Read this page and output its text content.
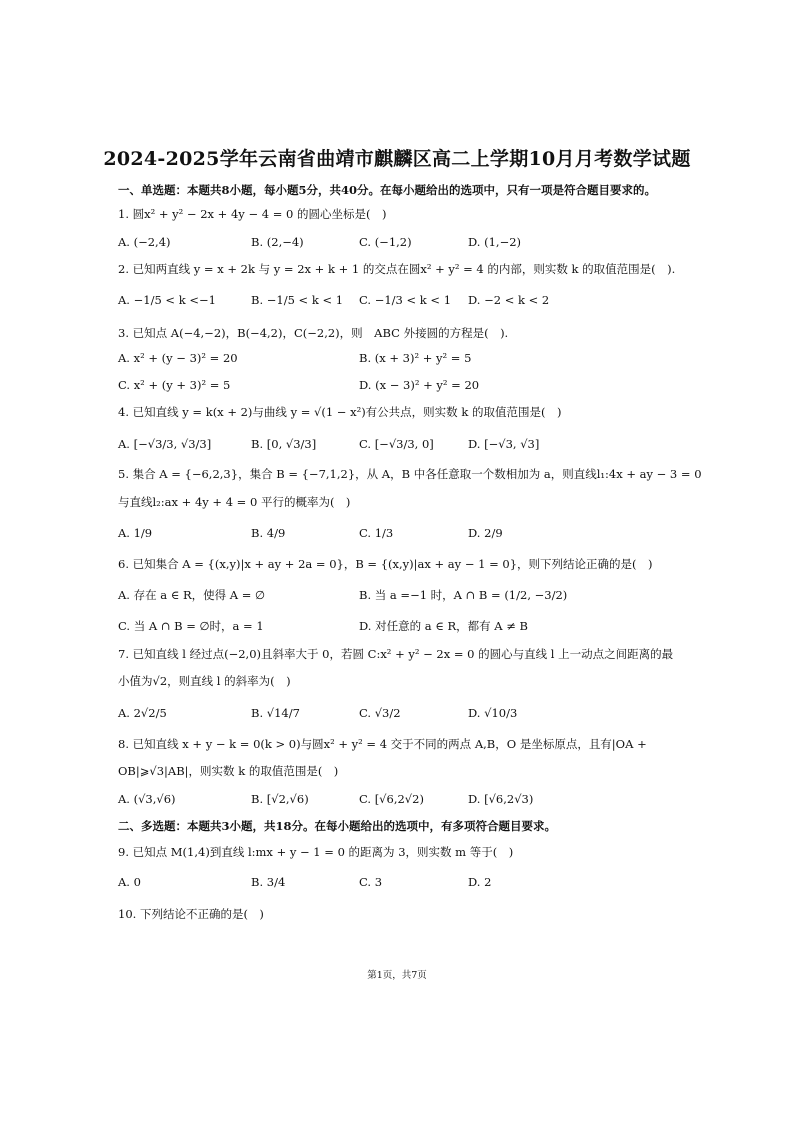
2024-2025学年云南省曲靖市麒麟区高二上学期10月月考数学试题
一、单选题：本题共8小题，每小题5分，共40分。在每小题给出的选项中，只有一项是符合题目要求的。
1. 圆x² + y² − 2x + 4y − 4 = 0 的圆心坐标是(　)
A. (−2,4)	B. (2,−4)	C. (−1,2)	D. (1,−2)
2. 已知两直线 y = x + 2k 与 y = 2x + k + 1 的交点在圆x² + y² = 4 的内部，则实数 k 的取值范围是(　).
A. −1/5 < k <−1	B. −1/5 < k < 1 C. −1/3 < k < 1 D. −2 < k < 2
3. 已知点 A(−4,−2)，B(−4,2)，C(−2,2)，则　ABC 外接圆的方程是(　).
A. x² + (y − 3)² = 20	B. (x + 3)² + y² = 5
C. x² + (y + 3)² = 5	D. (x − 3)² + y² = 20
4. 已知直线 y = k(x + 2)与曲线 y = √(1 − x²)有公共点，则实数 k 的取值范围是(　)
A. [−√3/3, √3/3]	B. [0, √3/3]	C. [−√3/3, 0]	D. [−√3, √3]
5. 集合 A = {−6,2,3}，集合 B = {−7,1,2}，从 A，B 中各任意取一个数相加为 a，则直线l₁:4x + ay − 3 = 0
与直线l₂:ax + 4y + 4 = 0 平行的概率为(　)
A. 1/9	B. 4/9	C. 1/3	D. 2/9
6. 已知集合 A = {(x,y)|x + ay + 2a = 0}，B = {(x,y)|ax + ay − 1 = 0}，则下列结论正确的是(　)
A. 存在 a ∈ R，使得 A = ∅	B. 当 a =−1 时，A ∩ B = (1/2, −3/2)
C. 当 A ∩ B = ∅时，a = 1	D. 对任意的 a ∈ R，都有 A ≠ B
7. 已知直线 l 经过点(−2,0)且斜率大于 0，若圆 C:x² + y² − 2x = 0 的圆心与直线 l 上一动点之间距离的最
小值为√2，则直线 l 的斜率为(　)
A. 2√2/5	B. √14/7	C. √3/2	D. √10/3
8. 已知直线 x + y − k = 0(k > 0)与圆x² + y² = 4 交于不同的两点 A,B，O 是坐标原点，且有|OA +
OB|⩾√3|AB|，则实数 k 的取值范围是(　)
A. (√3,√6)	B. [√2,√6)	C. [√6,2√2)	D. [√6,2√3)
二、多选题：本题共3小题，共18分。在每小题给出的选项中，有多项符合题目要求。
9. 已知点 M(1,4)到直线 l:mx + y − 1 = 0 的距离为 3，则实数 m 等于(　)
A. 0	B. 3/4	C. 3	D. 2
10. 下列结论不正确的是(　)
第1页，共7页
